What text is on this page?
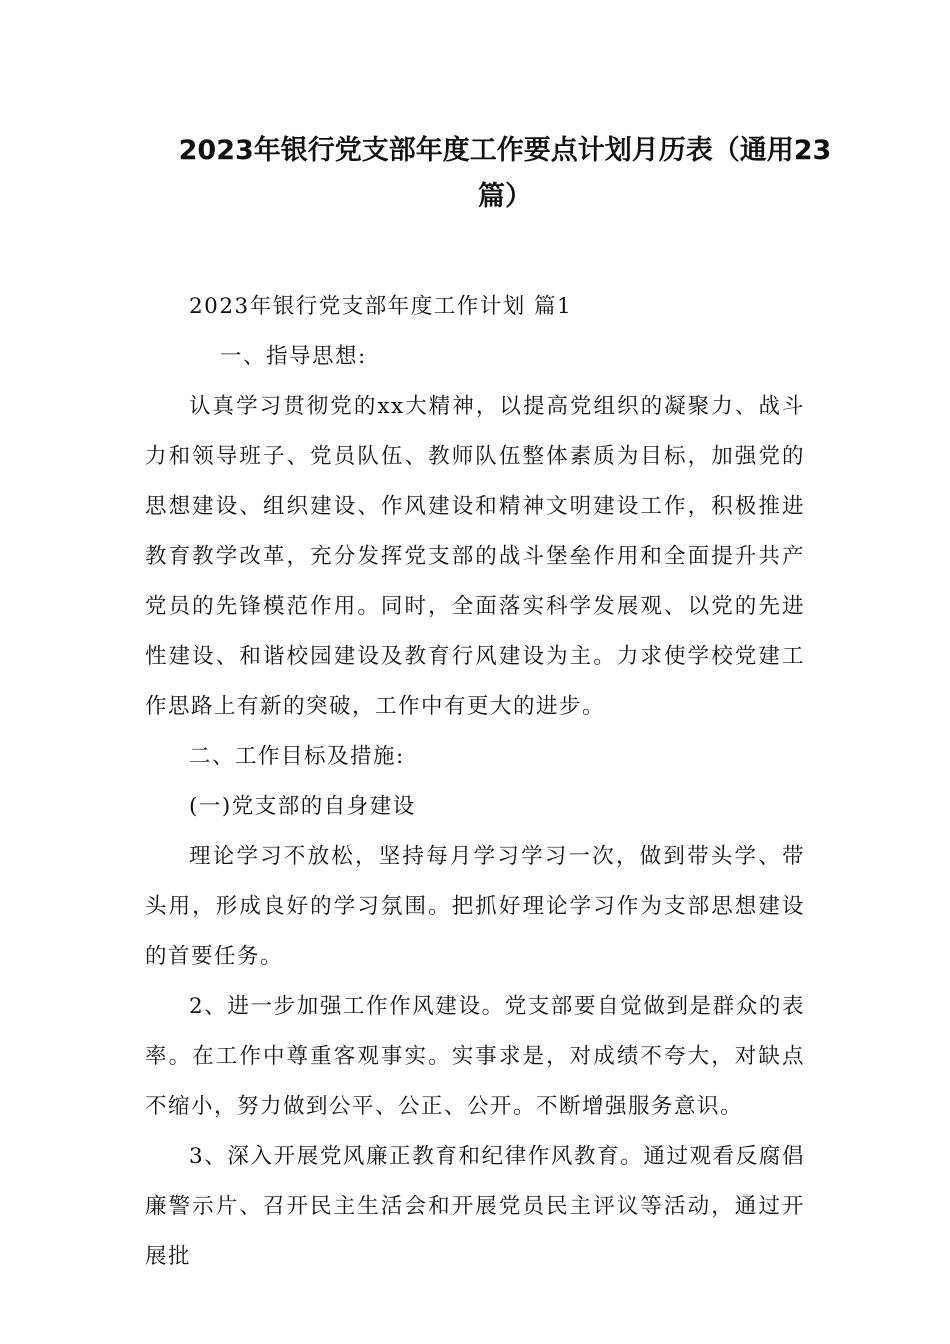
2023年银行党支部年度工作要点计划月历表（通用23
篇）

2023年银行党支部年度工作计划 篇1

一、指导思想:

认真学习贯彻党的xx大精神，以提高党组织的凝聚力、战斗力和领导班子、党员队伍、教师队伍整体素质为目标，加强党的思想建设、组织建设、作风建设和精神文明建设工作，积极推进教育教学改革，充分发挥党支部的战斗堡垒作用和全面提升共产党员的先锋模范作用。同时，全面落实科学发展观、以党的先进性建设、和谐校园建设及教育行风建设为主。力求使学校党建工作思路上有新的突破，工作中有更大的进步。

二、工作目标及措施:

(一)党支部的自身建设

理论学习不放松，坚持每月学习学习一次，做到带头学、带头用，形成良好的学习氛围。把抓好理论学习作为支部思想建设的首要任务。

2、进一步加强工作作风建设。党支部要自觉做到是群众的表率。在工作中尊重客观事实。实事求是，对成绩不夸大，对缺点不缩小，努力做到公平、公正、公开。不断增强服务意识。

3、深入开展党风廉正教育和纪律作风教育。通过观看反腐倡廉警示片、召开民主生活会和开展党员民主评议等活动，通过开展批
